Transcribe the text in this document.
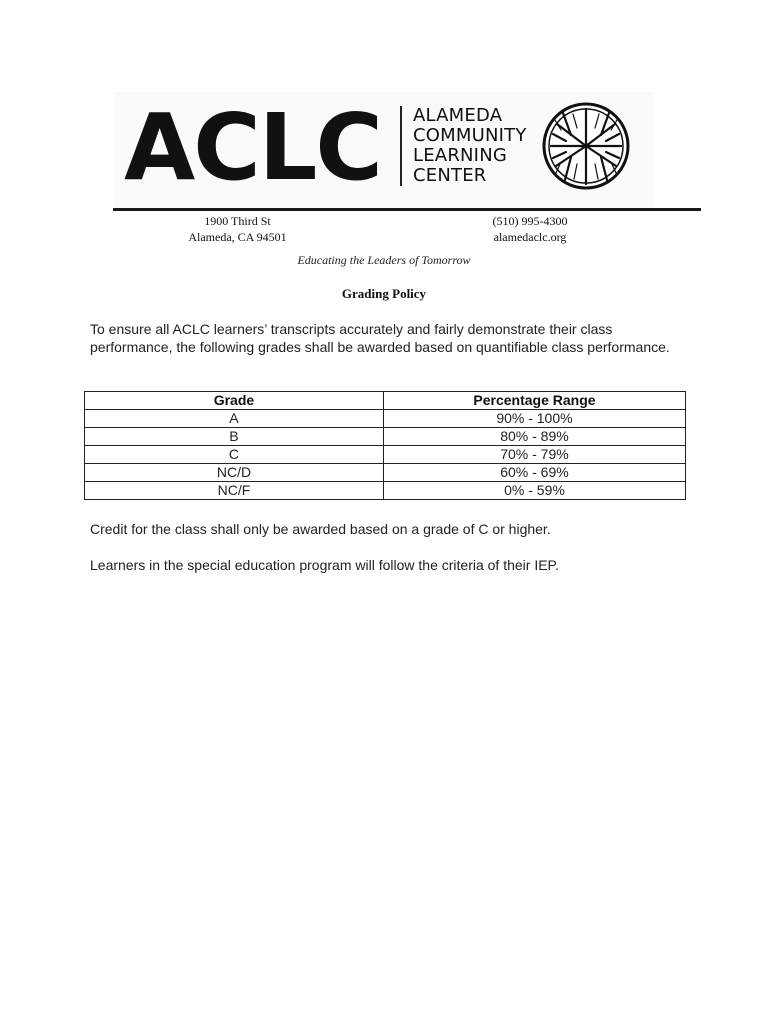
ACLC ALAMEDA
COMMUNITY
LEARNING
CENTER
1900 Third St
Alameda, CA 94501
(510) 995-4300
alamedaclc.org
Educating the Leaders of Tomorrow
Grading Policy
To ensure all ACLC learners’ transcripts accurately and fairly demonstrate their class performance, the following grades shall be awarded based on quantifiable class performance.
Grade	Percentage Range
A	90% - 100%
B	80% - 89%
C	70% - 79%
NC/D	60% - 69%
NC/F	0% - 59%
Credit for the class shall only be awarded based on a grade of C or higher.
Learners in the special education program will follow the criteria of their IEP.
